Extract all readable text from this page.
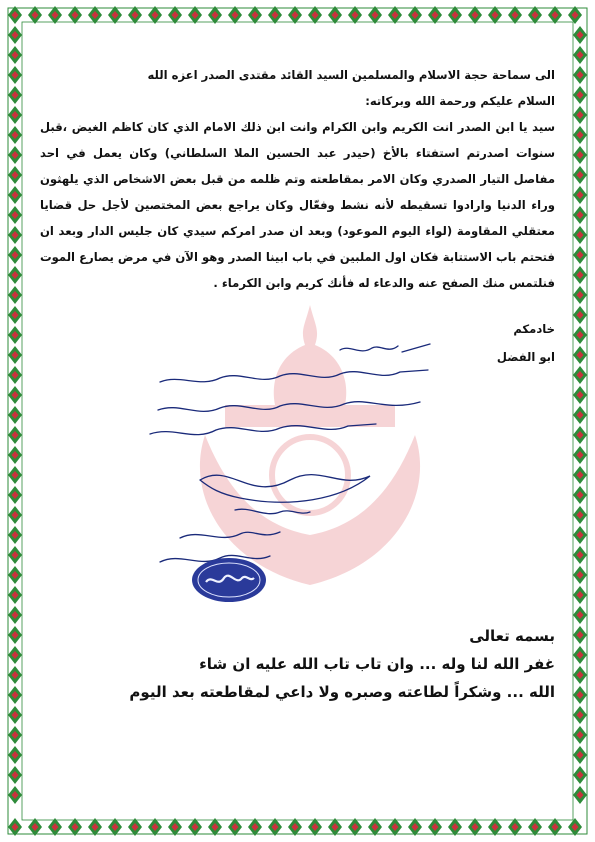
الى سماحة حجة الاسلام والمسلمين السيد القائد مقتدى الصدر اعزه الله

السلام عليكم ورحمة الله وبركاته:

سيد يا ابن الصدر انت الكريم وابن الكرام وانت ابن ذلك الامام الذي كان كاظم الغيض ،قبل سنوات اصدرتم استفتاء بالأخ (حيدر عبد الحسين الملا السلطاني) وكان يعمل في احد مفاصل التيار الصدري وكان الامر بمقاطعته وتم ظلمه من قبل بعض الاشخاص الذي يلهثون وراء الدنيا وارادوا تسقيطه لأنه نشط وفعّال وكان يراجع بعض المختصين لأجل حل قضايا معتقلي المقاومة (لواء اليوم الموعود) وبعد ان صدر امركم سيدي كان جليس الدار وبعد ان فتحتم باب الاستتابة فكان اول الملبين في باب ابينا الصدر وهو الآن في مرض يصارع الموت فنلتمس منك الصفح عنه والدعاء له فأنك كريم وابن الكرماء .

خادمكم
ابو الفضل

بسمه تعالى

غفر الله لنا وله ... وان تاب تاب الله عليه ان شاء

الله ... وشكراً لطاعته وصبره ولا داعي لمقاطعته بعد اليوم
